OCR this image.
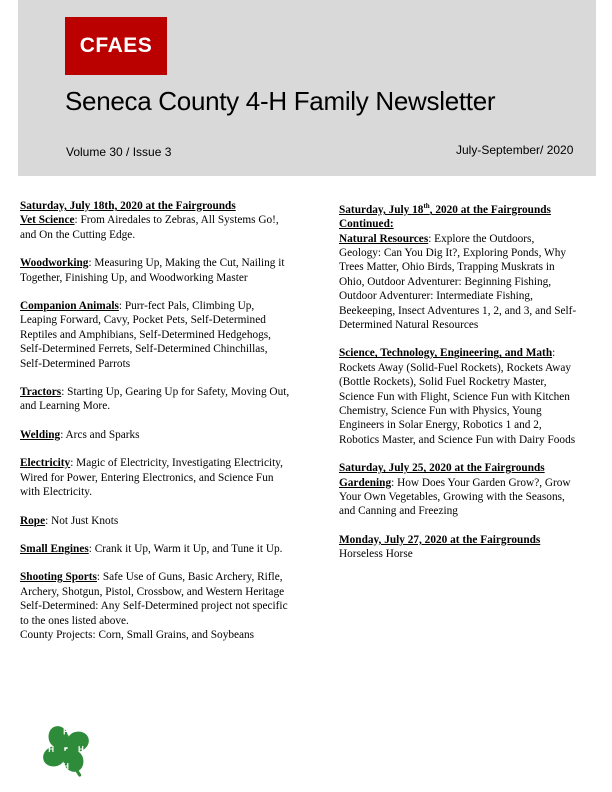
CFAES
Seneca County 4-H Family Newsletter
Volume 30 / Issue 3	July-September/ 2020
Saturday, July 18th, 2020 at the Fairgrounds
Vet Science: From Airedales to Zebras, All Systems Go!, and On the Cutting Edge.
Woodworking: Measuring Up, Making the Cut, Nailing it Together, Finishing Up, and Woodworking Master
Companion Animals: Purr-fect Pals, Climbing Up, Leaping Forward, Cavy, Pocket Pets, Self-Determined Reptiles and Amphibians, Self-Determined Hedgehogs, Self-Determined Ferrets, Self-Determined Chinchillas, Self-Determined Parrots
Tractors: Starting Up, Gearing Up for Safety, Moving Out, and Learning More.
Welding: Arcs and Sparks
Electricity: Magic of Electricity, Investigating Electricity, Wired for Power, Entering Electronics, and Science Fun with Electricity.
Rope: Not Just Knots
Small Engines: Crank it Up, Warm it Up, and Tune it Up.
Shooting Sports: Safe Use of Guns, Basic Archery, Rifle, Archery, Shotgun, Pistol, Crossbow, and Western Heritage
Self-Determined: Any Self-Determined project not specific to the ones listed above.
County Projects: Corn, Small Grains, and Soybeans
Saturday, July 18th, 2020 at the Fairgrounds Continued:
Natural Resources: Explore the Outdoors, Geology: Can You Dig It?, Exploring Ponds, Why Trees Matter, Ohio Birds, Trapping Muskrats in Ohio, Outdoor Adventurer: Beginning Fishing, Outdoor Adventurer: Intermediate Fishing, Beekeeping, Insect Adventures 1, 2, and 3, and Self-Determined Natural Resources
Science, Technology, Engineering, and Math: Rockets Away (Solid-Fuel Rockets), Rockets Away (Bottle Rockets), Solid Fuel Rocketry Master, Science Fun with Flight, Science Fun with Kitchen Chemistry, Science Fun with Physics, Young Engineers in Solar Energy, Robotics 1 and 2, Robotics Master, and Science Fun with Dairy Foods
Saturday, July 25, 2020 at the Fairgrounds
Gardening: How Does Your Garden Grow?, Grow Your Own Vegetables, Growing with the Seasons, and Canning and Freezing
Monday, July 27, 2020 at the Fairgrounds
Horseless Horse
H
H H
H
